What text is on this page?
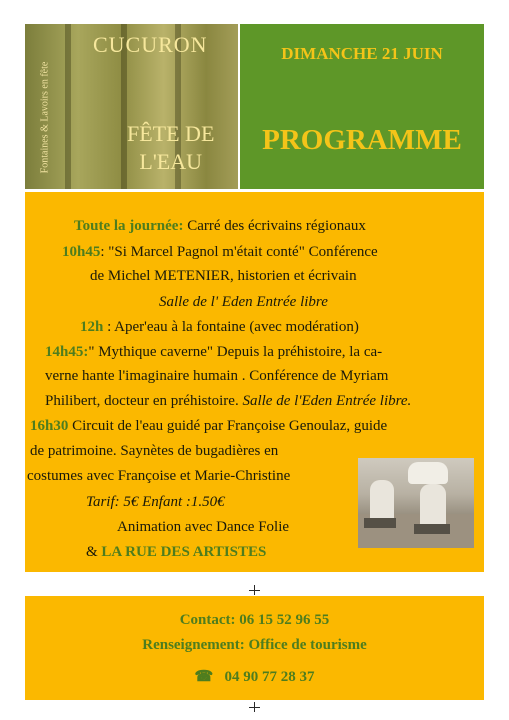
CUCURON
FÊTE DE
L'EAU
Fontaines & Lavoirs en fête
DIMANCHE 21 JUIN
PROGRAMME
Toute la journée: Carré des écrivains régionaux
10h45: "Si Marcel Pagnol m'était conté" Conférence
de Michel METENIER, historien et écrivain
Salle de l' Eden Entrée libre
12h : Aper'eau à la fontaine (avec modération)
14h45:" Mythique caverne" Depuis la préhistoire, la ca-
verne hante l'imaginaire humain . Conférence de Myriam
Philibert, docteur en préhistoire. Salle de l'Eden Entrée libre.
16h30 Circuit de l'eau guidé par Françoise Genoulaz, guide
de patrimoine. Saynètes de bugadières en
costumes avec Françoise et Marie-Christine
Tarif: 5€ Enfant :1.50€
Animation avec Dance Folie
& LA RUE DES ARTISTES
Contact: 06 15 52 96 55
Renseignement: Office de tourisme
☎ 04 90 77 28 37
